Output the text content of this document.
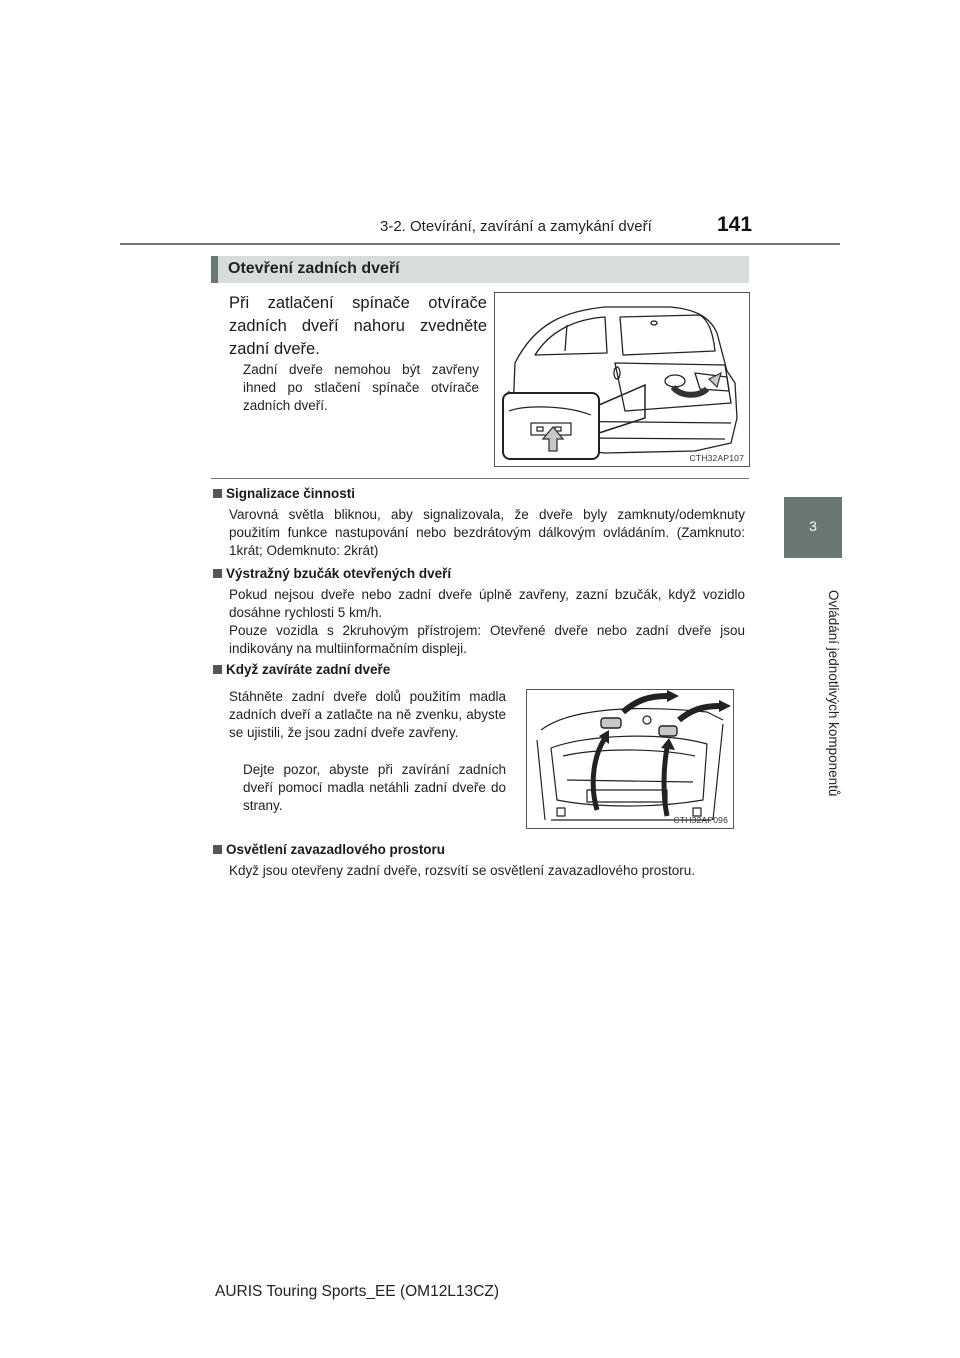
3-2. Otevírání, zavírání a zamykání dveří	141
3
Ovládání jednotlivých komponentů
Otevření zadních dveří
Při zatlačení spínače otvírače zadních dveří nahoru zvedněte zadní dveře.
Zadní dveře nemohou být zavřeny ihned po stlačení spínače otvírače zadních dveří.
CTH32AP107
Signalizace činnosti
Varovná světla bliknou, aby signalizovala, že dveře byly zamknuty/odemknuty použitím funkce nastupování nebo bezdrátovým dálkovým ovládáním. (Zamknuto: 1krát; Odemknuto: 2krát)
Výstražný bzučák otevřených dveří
Pokud nejsou dveře nebo zadní dveře úplně zavřeny, zazní bzučák, když vozidlo dosáhne rychlosti 5 km/h.
Pouze vozidla s 2kruhovým přístrojem: Otevřené dveře nebo zadní dveře jsou indikovány na multiinformačním displeji.
Když zavíráte zadní dveře
Stáhněte zadní dveře dolů použitím madla zadních dveří a zatlačte na ně zvenku, abyste se ujistili, že jsou zadní dveře zavřeny.
Dejte pozor, abyste při zavírání zadních dveří pomocí madla netáhli zadní dveře do strany.
CTH32AP096
Osvětlení zavazadlového prostoru
Když jsou otevřeny zadní dveře, rozsvítí se osvětlení zavazadlového prostoru.
AURIS Touring Sports_EE (OM12L13CZ)
